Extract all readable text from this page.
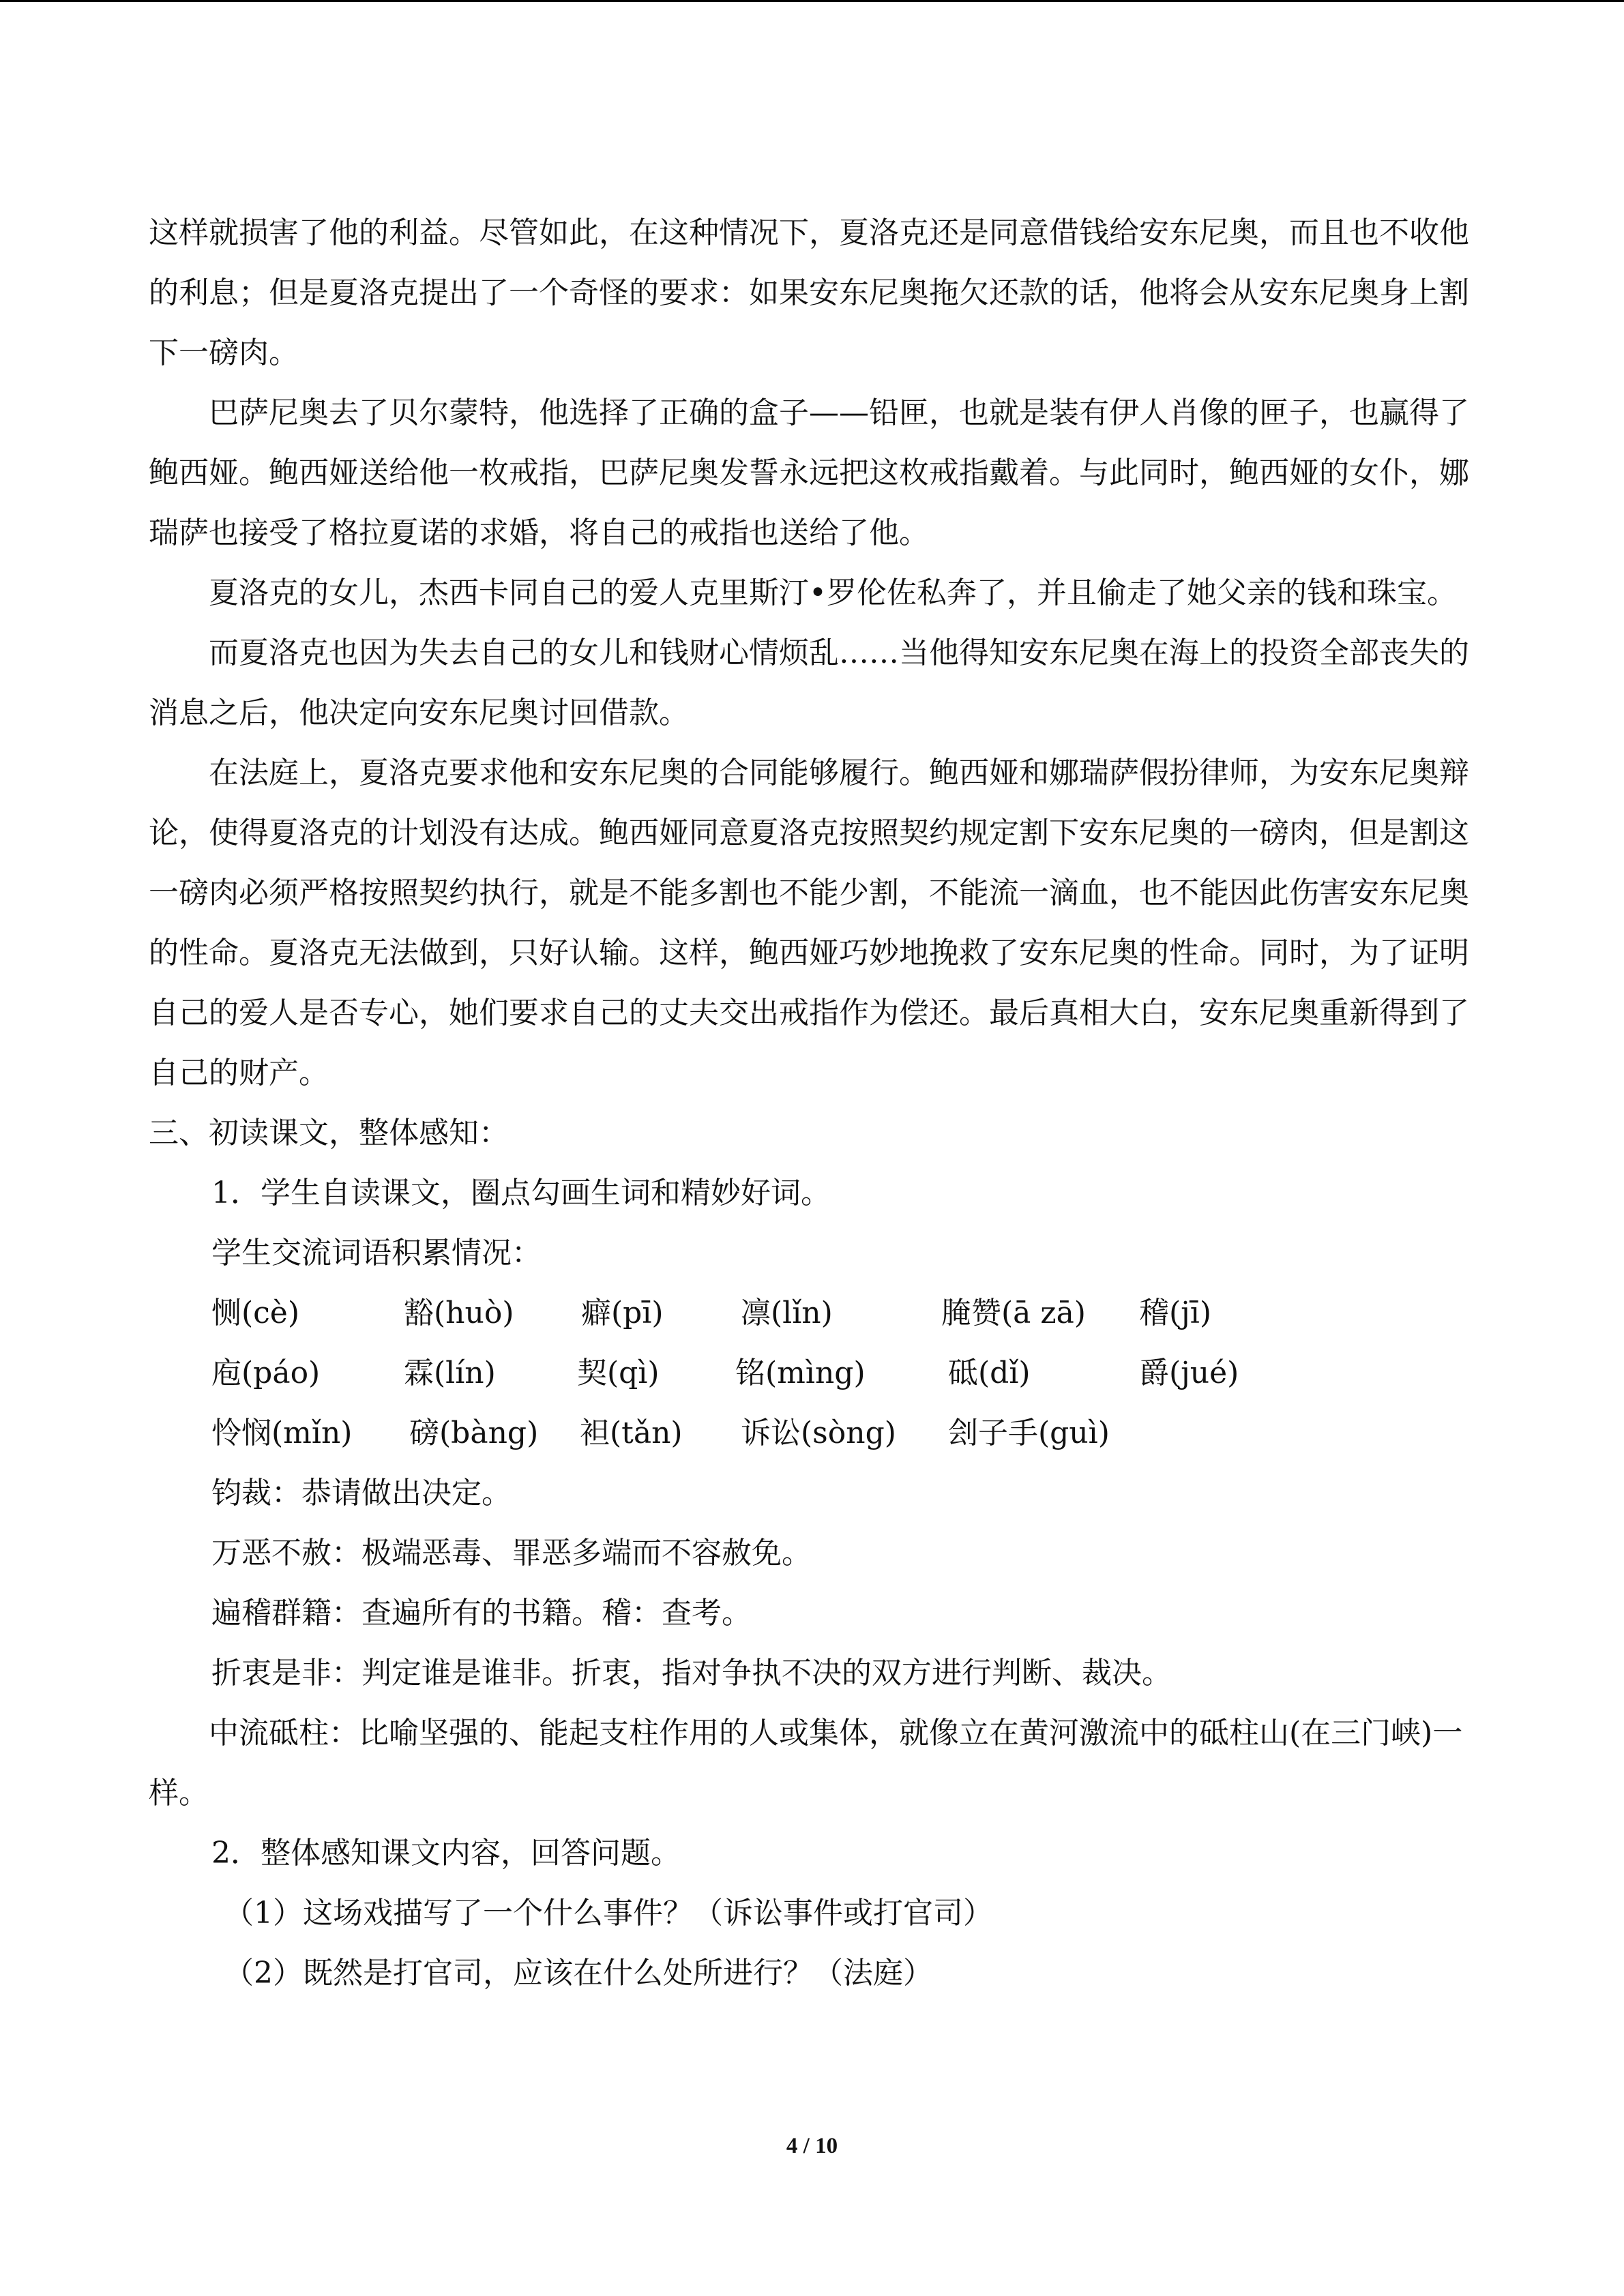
这样就损害了他的利益。尽管如此，在这种情况下，夏洛克还是同意借钱给安东尼奥，而且也不收他的利息；但是夏洛克提出了一个奇怪的要求：如果安东尼奥拖欠还款的话，他将会从安东尼奥身上割下一磅肉。

巴萨尼奥去了贝尔蒙特，他选择了正确的盒子——铅匣，也就是装有伊人肖像的匣子，也赢得了鲍西娅。鲍西娅送给他一枚戒指，巴萨尼奥发誓永远把这枚戒指戴着。与此同时，鲍西娅的女仆，娜瑞萨也接受了格拉夏诺的求婚，将自己的戒指也送给了他。

夏洛克的女儿，杰西卡同自己的爱人克里斯汀•罗伦佐私奔了，并且偷走了她父亲的钱和珠宝。

而夏洛克也因为失去自己的女儿和钱财心情烦乱……当他得知安东尼奥在海上的投资全部丧失的消息之后，他决定向安东尼奥讨回借款。

在法庭上，夏洛克要求他和安东尼奥的合同能够履行。鲍西娅和娜瑞萨假扮律师，为安东尼奥辩论，使得夏洛克的计划没有达成。鲍西娅同意夏洛克按照契约规定割下安东尼奥的一磅肉，但是割这一磅肉必须严格按照契约执行，就是不能多割也不能少割，不能流一滴血，也不能因此伤害安东尼奥的性命。夏洛克无法做到，只好认输。这样，鲍西娅巧妙地挽救了安东尼奥的性命。同时，为了证明自己的爱人是否专心，她们要求自己的丈夫交出戒指作为偿还。最后真相大白，安东尼奥重新得到了自己的财产。

三、初读课文，整体感知：

1．学生自读课文，圈点勾画生词和精妙好词。

学生交流词语积累情况：

恻(cè)	豁(huò) 癖(pī)	凛(lǐn)	腌赞(ā zā) 稽(jī)
庖(páo)	霖(lín)	契(qì)	铭(mìng)	砥(dǐ)	爵(jué)
怜悯(mǐn) 磅(bàng) 袒(tǎn) 诉讼(sòng) 刽子手(guì)

钧裁：恭请做出决定。

万恶不赦：极端恶毒、罪恶多端而不容赦免。

遍稽群籍：查遍所有的书籍。稽：查考。

折衷是非：判定谁是谁非。折衷，指对争执不决的双方进行判断、裁决。

中流砥柱：比喻坚强的、能起支柱作用的人或集体，就像立在黄河激流中的砥柱山(在三门峡)一样。

2．整体感知课文内容，回答问题。

（1）这场戏描写了一个什么事件？（诉讼事件或打官司）

（2）既然是打官司，应该在什么处所进行？（法庭）

4 / 10
